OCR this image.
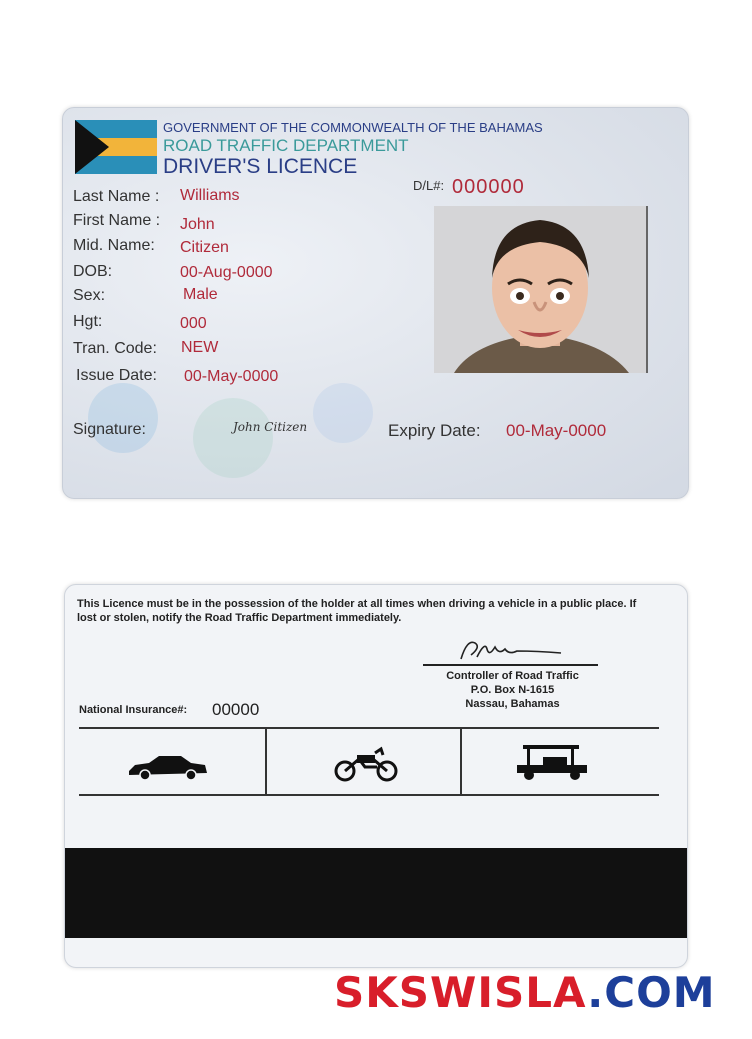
GOVERNMENT OF THE COMMONWEALTH OF THE BAHAMAS
ROAD TRAFFIC DEPARTMENT
DRIVER'S LICENCE
D/L#: 000000
Last Name : Williams
First Name : John
Mid. Name: Citizen
DOB:	00-Aug-0000
Sex:	Male
Hgt:	000
Tran. Code: NEW
Issue Date: 00-May-0000
Signature:	John Citizen	Expiry Date: 00-May-0000
This Licence must be in the possession of the holder at all times when driving a vehicle in a public place. If lost or stolen, notify the Road Traffic Department immediately.
Controller of Road Traffic
P.O. Box N-1615
Nassau, Bahamas
National Insurance#: 00000
SKSWISLA.COM
